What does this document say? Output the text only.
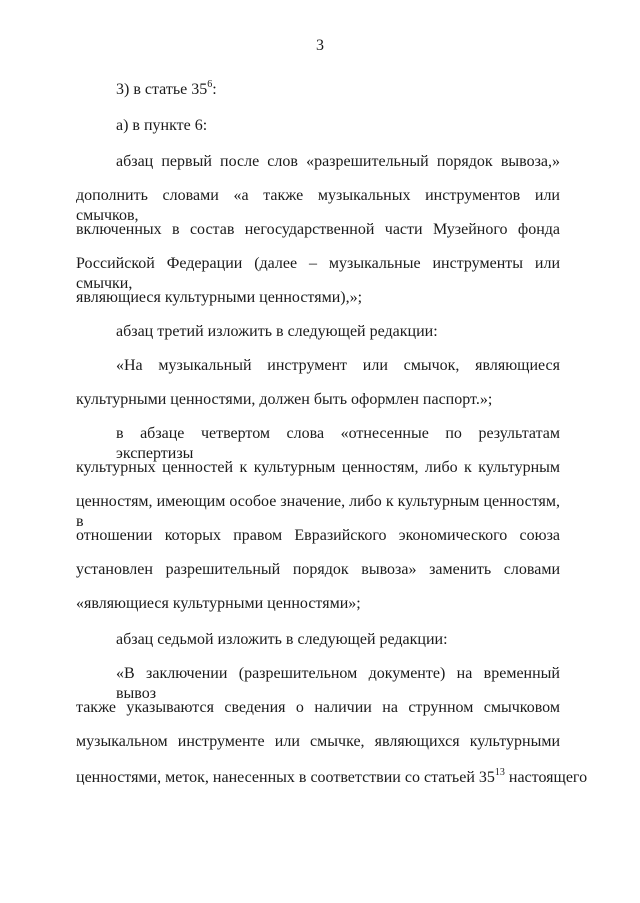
3
3) в статье $35^6$:
а) в пункте 6:
абзац первый после слов «разрешительный порядок вывоза,»
дополнить словами «а также музыкальных инструментов или смычков,
включенных в состав негосударственной части Музейного фонда
Российской Федерации (далее – музыкальные инструменты или смычки,
являющиеся культурными ценностями),»;
абзац третий изложить в следующей редакции:
«На музыкальный инструмент или смычок, являющиеся
культурными ценностями, должен быть оформлен паспорт.»;
в абзаце четвертом слова «отнесенные по результатам экспертизы
культурных ценностей к культурным ценностям, либо к культурным
ценностям, имеющим особое значение, либо к культурным ценностям, в
отношении которых правом Евразийского экономического союза
установлен разрешительный порядок вывоза» заменить словами
«являющиеся культурными ценностями»;
абзац седьмой изложить в следующей редакции:
«В заключении (разрешительном документе) на временный вывоз
также указываются сведения о наличии на струнном смычковом
музыкальном инструменте или смычке, являющихся культурными
ценностями, меток, нанесенных в соответствии со статьей $35^{13}$ настоящего
